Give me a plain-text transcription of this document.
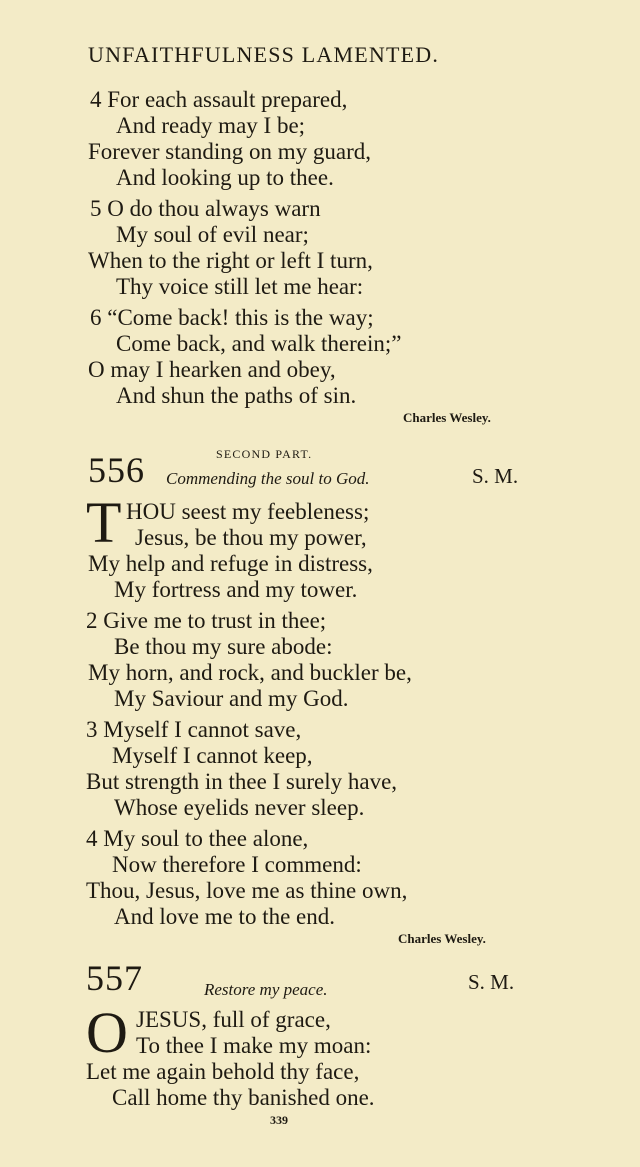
UNFAITHFULNESS LAMENTED.
4 For each assault prepared,
And ready may I be;
Forever standing on my guard,
And looking up to thee.
5 O do thou always warn
My soul of evil near;
When to the right or left I turn,
Thy voice still let me hear:
6 “Come back! this is the way;
Come back, and walk therein;”
O may I hearken and obey,
And shun the paths of sin.
Charles Wesley.
SECOND PART.
556 Commending the soul to God.	S. M.
T HOU seest my feebleness;
Jesus, be thou my power,
My help and refuge in distress,
My fortress and my tower.
2 Give me to trust in thee;
Be thou my sure abode:
My horn, and rock, and buckler be,
My Saviour and my God.
3 Myself I cannot save,
Myself I cannot keep,
But strength in thee I surely have,
Whose eyelids never sleep.
4 My soul to thee alone,
Now therefore I commend:
Thou, Jesus, love me as thine own,
And love me to the end.
Charles Wesley.
557	Restore my peace.	S. M.
O JESUS, full of grace,
To thee I make my moan:
Let me again behold thy face,
Call home thy banished one.
339
